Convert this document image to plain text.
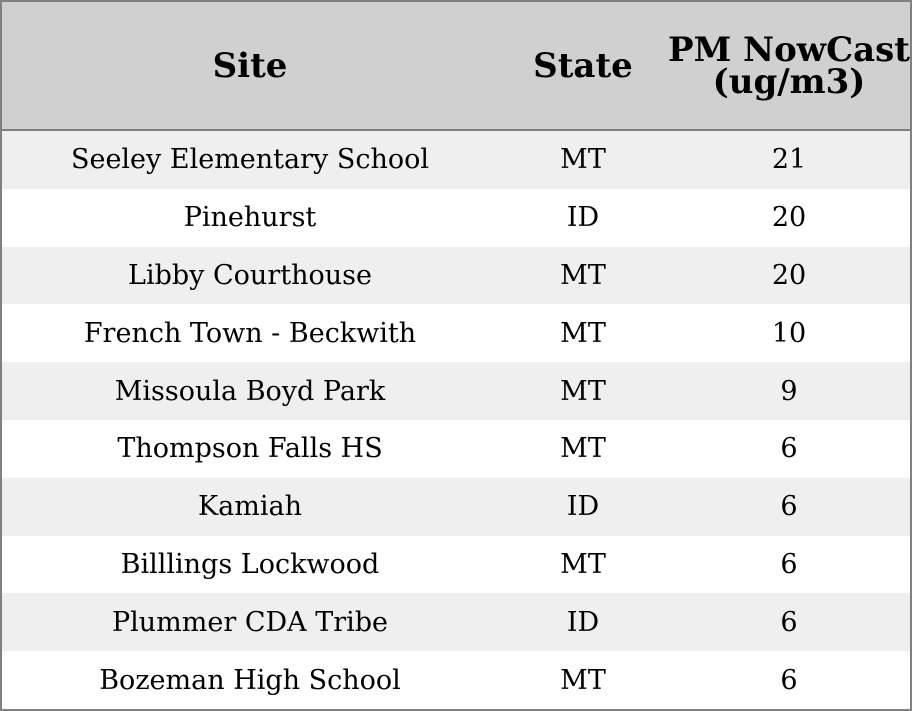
Site	State	PM NowCast (ug/m3)
Seeley Elementary School	MT	21
Pinehurst	ID	20
Libby Courthouse	MT	20
French Town - Beckwith	MT	10
Missoula Boyd Park	MT	9
Thompson Falls HS	MT	6
Kamiah	ID	6
Billlings Lockwood	MT	6
Plummer CDA Tribe	ID	6
Bozeman High School	MT	6
